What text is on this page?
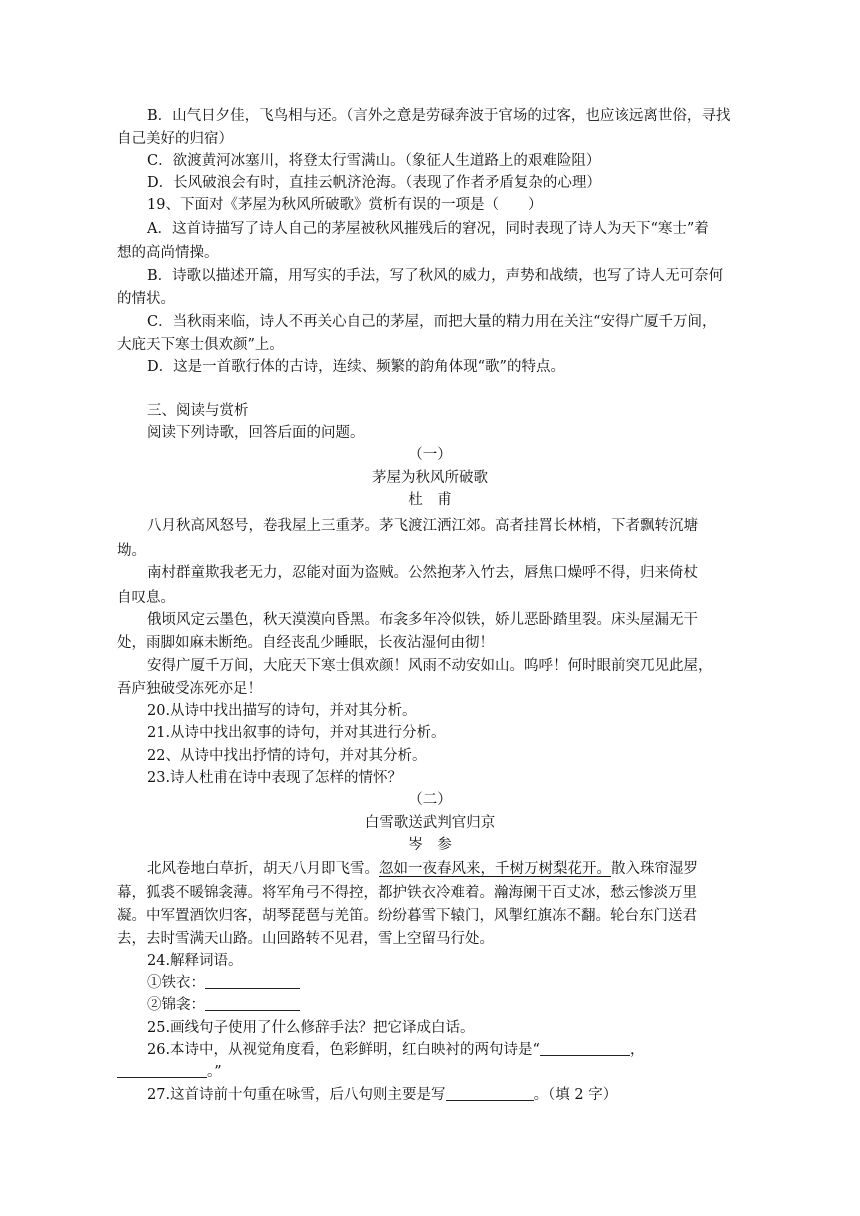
B．山气日夕佳，飞鸟相与还。（言外之意是劳碌奔波于官场的过客，也应该远离世俗，寻找
自己美好的归宿）
C．欲渡黄河冰塞川，将登太行雪满山。（象征人生道路上的艰难险阻）
D．长风破浪会有时，直挂云帆济沧海。（表现了作者矛盾复杂的心理）
19、下面对《茅屋为秋风所破歌》赏析有误的一项是（　　）
A．这首诗描写了诗人自己的茅屋被秋风摧残后的窘况，同时表现了诗人为天下“寒士”着
想的高尚情操。
B．诗歌以描述开篇，用写实的手法，写了秋风的威力，声势和战绩，也写了诗人无可奈何
的情状。
C．当秋雨来临，诗人不再关心自己的茅屋，而把大量的精力用在关注“安得广厦千万间，
大庇天下寒士俱欢颜”上。
D．这是一首歌行体的古诗，连续、频繁的韵角体现“歌”的特点。
三、阅读与赏析
阅读下列诗歌，回答后面的问题。
（一）
茅屋为秋风所破歌
杜　甫
八月秋高风怒号，卷我屋上三重茅。茅飞渡江洒江郊。高者挂罥长林梢，下者飘转沉塘
坳。
南村群童欺我老无力，忍能对面为盗贼。公然抱茅入竹去，唇焦口燥呼不得，归来倚杖
自叹息。
俄顷风定云墨色，秋天漠漠向昏黑。布衾多年冷似铁，娇儿恶卧踏里裂。床头屋漏无干
处，雨脚如麻未断绝。自经丧乱少睡眠，长夜沾湿何由彻！
安得广厦千万间，大庇天下寒士俱欢颜！风雨不动安如山。呜呼！何时眼前突兀见此屋，
吾庐独破受冻死亦足！
20.从诗中找出描写的诗句，并对其分析。
21.从诗中找出叙事的诗句，并对其进行分析。
22、从诗中找出抒情的诗句，并对其分析。
23.诗人杜甫在诗中表现了怎样的情怀？
（二）
白雪歌送武判官归京
岑　参
北风卷地白草折，胡天八月即飞雪。忽如一夜春风来，千树万树梨花开。散入珠帘湿罗
幕，狐裘不暖锦衾薄。将军角弓不得控，都护铁衣冷难着。瀚海阑干百丈冰，愁云惨淡万里
凝。中军置酒饮归客，胡琴琵琶与羌笛。纷纷暮雪下辕门，风掣红旗冻不翻。轮台东门送君
去，去时雪满天山路。山回路转不见君，雪上空留马行处。
24.解释词语。
①铁衣：
②锦衾：
25.画线句子使用了什么修辞手法？把它译成白话。
26.本诗中，从视觉角度看，色彩鲜明，红白映衬的两句诗是“	，
。”
27.这首诗前十句重在咏雪，后八句则主要是写	。（填 2 字）
